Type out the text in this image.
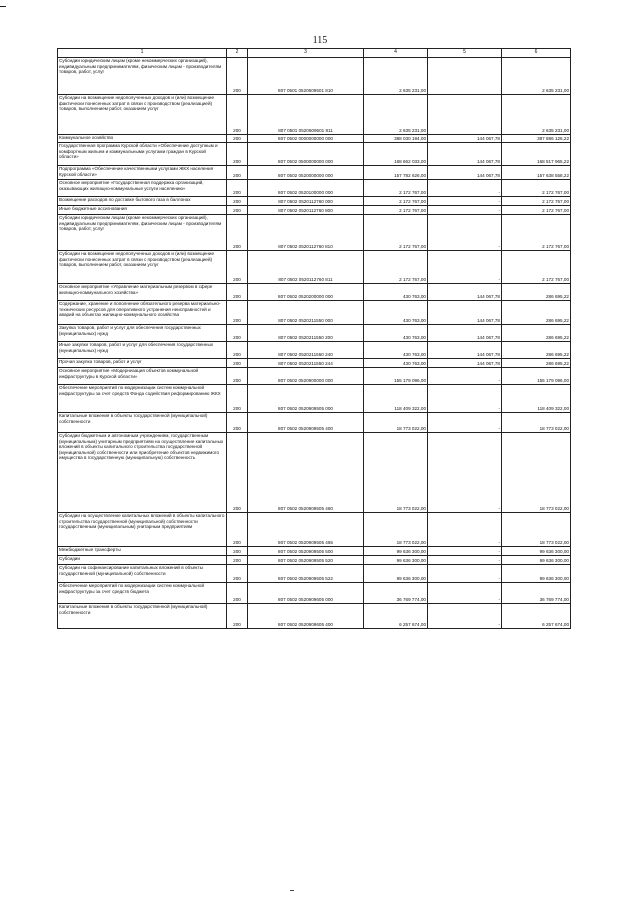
115
1	2	3	4	5	6
Субсидии юридическим лицам (кроме некоммерческих организаций), индивидуальным предпринимателям, физическим лицам - производителям товаров, работ, услуг	200	807 0501 0520609501 810	2 635 231,00		2 635 231,00
Субсидии на возмещение недополученных доходов и (или) возмещение фактически понесенных затрат в связи с производством (реализацией) товаров, выполнением работ, оказанием услуг	200	807 0501 0520609501 811	2 635 231,00		2 635 231,00
Коммунальное хозяйство	200	807 0502 0000000000 000	388 030 194,00	144 067,78	387 886 126,22
Государственная программа Курской области «Обеспечение доступным и комфортным жильем и коммунальными услугами граждан в Курской области»	200	807 0502 0500000000 000	168 662 033,00	144 067,78	168 517 965,22
Подпрограмма «Обеспечение качественными услугами ЖКХ населения Курской области»	200	807 0502 0520000000 000	157 782 626,00	144 067,78	157 638 558,22
Основное мероприятие «Государственная поддержка организаций, оказывающих жилищно-коммунальные услуги населению»	200	807 0502 0520100000 000	2 172 767,00	-	2 172 767,00
Возмещение расходов по доставке бытового газа в баллонах	200	807 0502 0520112760 000	2 172 767,00	-	2 172 767,00
Иные бюджетные ассигнования	200	807 0502 0520112760 800	2 172 767,00	-	2 172 767,00
Субсидии юридическим лицам (кроме некоммерческих организаций), индивидуальным предпринимателям, физическим лицам - производителям товаров, работ, услуг	200	807 0502 0520112760 810	2 172 767,00	-	2 172 767,00
Субсидии на возмещение недополученных доходов и (или) возмещение фактически понесенных затрат в связи с производством (реализацией) товаров, выполнением работ, оказанием услуг	200	807 0502 0520112760 811	2 172 767,00	-	2 172 767,00
Основное мероприятие «Управление материальным резервом в сфере жилищно-коммунального хозяйства»	200	807 0502 0520200000 000	430 763,00	144 067,78	286 695,22
Содержание, хранение и пополнение обязательного резерва материально-технических ресурсов для оперативного устранения неисправностей и аварий на объектах жилищно-коммунального хозяйства	200	807 0502 0520211550 000	430 763,00	144 067,78	286 695,22
Закупка товаров, работ и услуг для обеспечения государственных (муниципальных) нужд	200	807 0502 0520211550 200	430 763,00	144 067,78	286 695,22
Иные закупки товаров, работ и услуг для обеспечения государственных (муниципальных) нужд	200	807 0502 0520211550 240	430 763,00	144 067,78	286 695,22
Прочая закупка товаров, работ и услуг	200	807 0502 0520211550 244	430 763,00	144 067,78	286 695,22
Основное мероприятие «Модернизация объектов коммунальной инфраструктуры в Курской области»	200	807 0502 0520900000 000	155 179 096,00	-	155 179 096,00
Обеспечение мероприятий по модернизации систем коммунальной инфраструктуры за счет средств Фонда содействия реформированию ЖКХ	200	807 0502 0520909505 000	118 409 322,00	-	118 409 322,00
Капитальные вложения в объекты государственной (муниципальной) собственности	200	807 0502 0520909505 400	18 773 022,00	-	18 773 022,00
Субсидии бюджетным и автономным учреждениям, государственным (муниципальным) унитарным предприятиям на осуществление капитальных вложений в объекты капитального строительства государственной (муниципальной) собственности или приобретение объектов недвижимого имущества в государственную (муниципальную) собственность	200	807 0502 0520909505 460	18 773 022,00	-	18 773 022,00
Субсидии на осуществление капитальных вложений в объекты капитального строительства государственной (муниципальной) собственности государственным (муниципальным) унитарным предприятиям	200	807 0502 0520909505 465	18 773 022,00	-	18 773 022,00
Межбюджетные трансферты	200	807 0502 0520909505 500	99 636 300,00	-	99 636 300,00
Субсидии	200	807 0502 0520909505 520	99 636 300,00	-	99 636 300,00
Субсидии на софинансирование капитальных вложений в объекты государственной (муниципальной) собственности	200	807 0502 0520909505 522	99 636 300,00	-	99 636 300,00
Обеспечение мероприятий по модернизации систем коммунальной инфраструктуры за счет средств бюджета	200	807 0502 0520909605 000	36 769 774,00	-	36 769 774,00
Капитальные вложения в объекты государственной (муниципальной) собственности	200	807 0502 0520909605 400	6 257 674,00	-	6 257 674,00
